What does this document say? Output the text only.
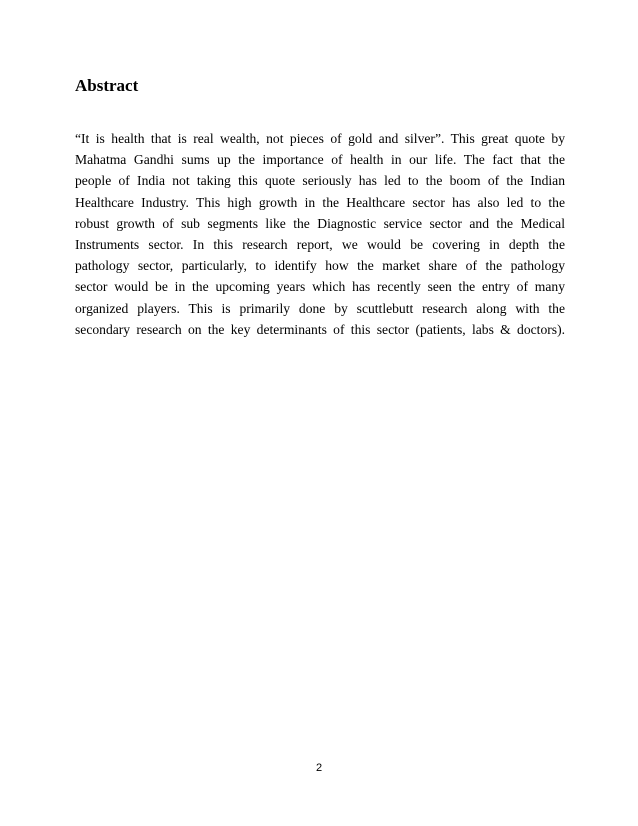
Abstract
“It is health that is real wealth, not pieces of gold and silver”. This great quote by
Mahatma Gandhi sums up the importance of health in our life. The fact that the
people of India not taking this quote seriously has led to the boom of the Indian
Healthcare Industry. This high growth in the Healthcare sector has also led to the
robust growth of sub segments like the Diagnostic service sector and the Medical
Instruments sector. In this research report, we would be covering in depth the
pathology sector, particularly, to identify how the market share of the pathology
sector would be in the upcoming years which has recently seen the entry of many
organized players. This is primarily done by scuttlebutt research along with the
secondary research on the key determinants of this sector (patients, labs & doctors).
2
